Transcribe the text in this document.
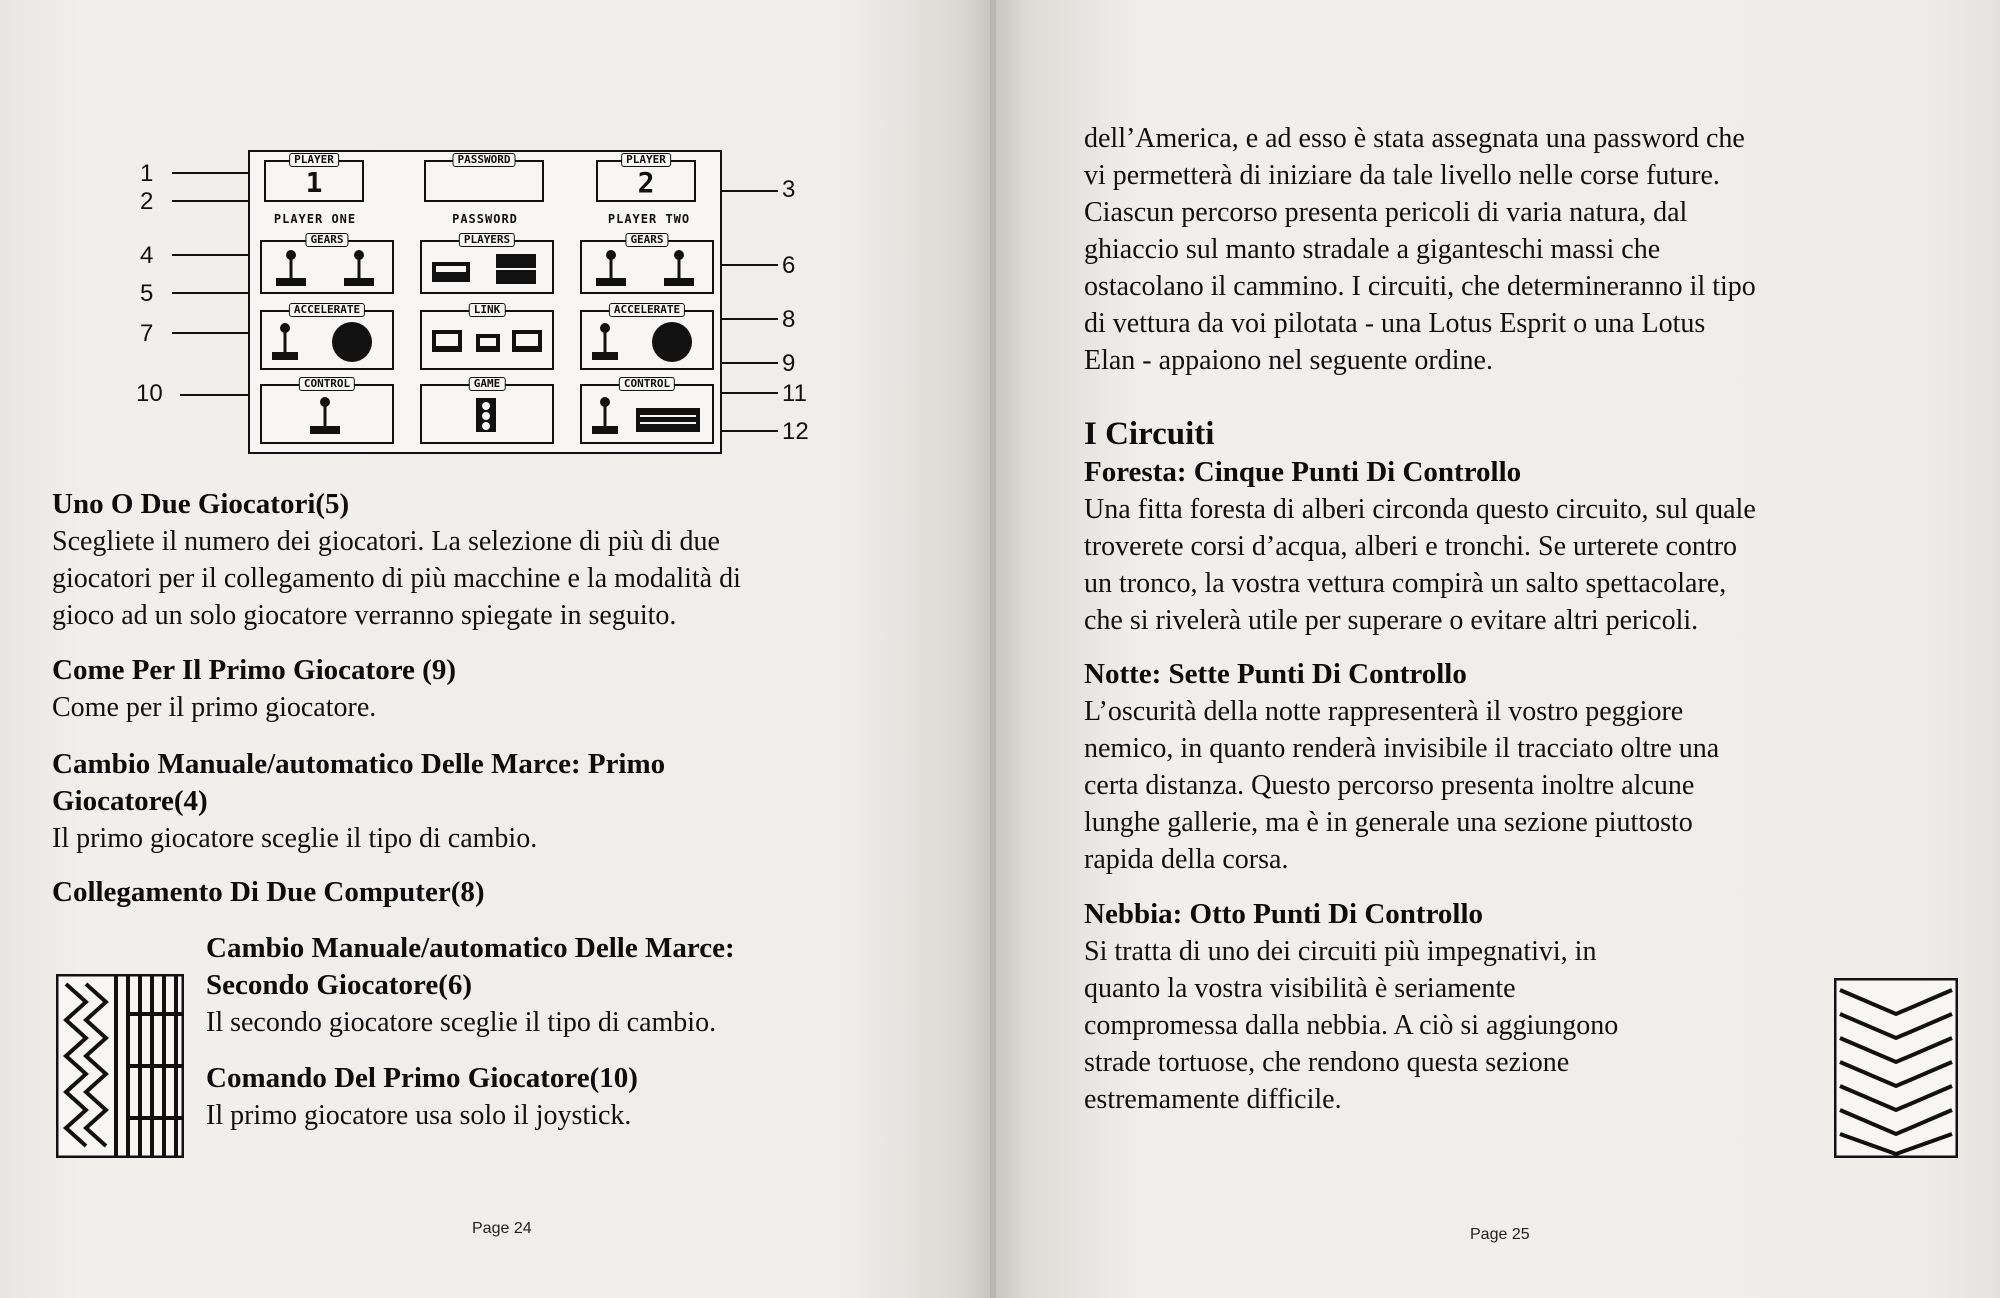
1
2	3
4
5
6
7
8
9
10	11
12
PLAYER
1
PASSWORD	PLAYER
2
PLAYER ONE	PASSWORD	PLAYER TWO
GEARS	PLAYERS	GEARS
ACCELERATE	LINK	ACCELERATE
CONTROL	GAME	CONTROL
Uno O Due Giocatori(5)
Scegliete il numero dei giocatori. La selezione di più di due
giocatori per il collegamento di più macchine e la modalità di
gioco ad un solo giocatore verranno spiegate in seguito.
Come Per Il Primo Giocatore (9)
Come per il primo giocatore.
Cambio Manuale/automatico Delle Marce: Primo
Giocatore(4)
Il primo giocatore sceglie il tipo di cambio.
Collegamento Di Due Computer(8)
Cambio Manuale/automatico Delle Marce:
Secondo Giocatore(6)
Il secondo giocatore sceglie il tipo di cambio.
Comando Del Primo Giocatore(10)
Il primo giocatore usa solo il joystick.
Page 24
dell’America, e ad esso è stata assegnata una password che
vi permetterà di iniziare da tale livello nelle corse future.
Ciascun percorso presenta pericoli di varia natura, dal
ghiaccio sul manto stradale a giganteschi massi che
ostacolano il cammino. I circuiti, che determineranno il tipo
di vettura da voi pilotata - una Lotus Esprit o una Lotus
Elan - appaiono nel seguente ordine.
I Circuiti
Foresta: Cinque Punti Di Controllo
Una fitta foresta di alberi circonda questo circuito, sul quale
troverete corsi d’acqua, alberi e tronchi. Se urterete contro
un tronco, la vostra vettura compirà un salto spettacolare,
che si rivelerà utile per superare o evitare altri pericoli.
Notte: Sette Punti Di Controllo
L’oscurità della notte rappresenterà il vostro peggiore
nemico, in quanto renderà invisibile il tracciato oltre una
certa distanza. Questo percorso presenta inoltre alcune
lunghe gallerie, ma è in generale una sezione piuttosto
rapida della corsa.
Nebbia: Otto Punti Di Controllo
Si tratta di uno dei circuiti più impegnativi, in
quanto la vostra visibilità è seriamente
compromessa dalla nebbia. A ciò si aggiungono
strade tortuose, che rendono questa sezione
estremamente difficile.
Page 25
